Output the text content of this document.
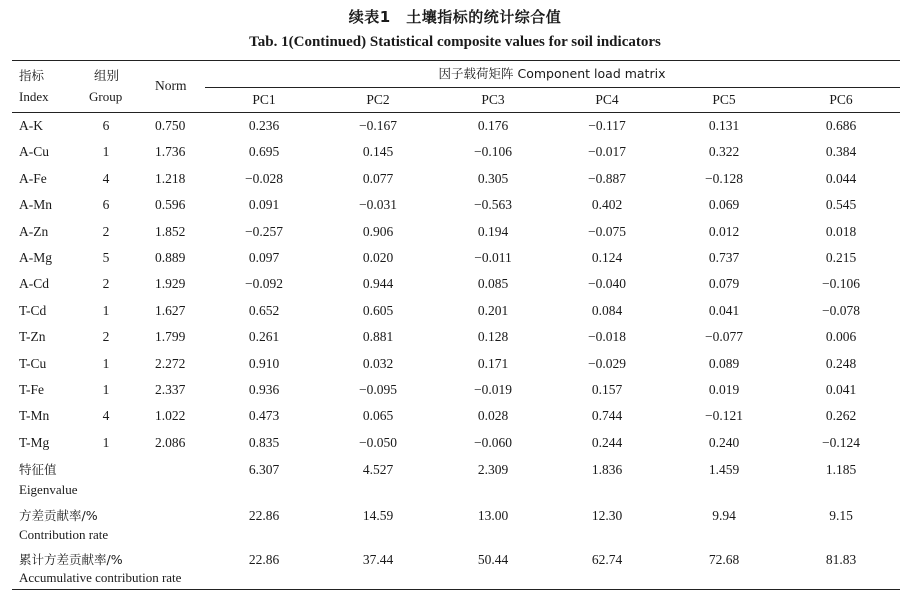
续表1　土壤指标的统计综合值
Tab. 1(Continued) Statistical composite values for soil indicators
指标
Index
组别
Group
Norm
因子载荷矩阵 Component load matrix
PC1	PC2	PC3	PC4	PC5	PC6
A-K	6	0.750	0.236	−0.167	0.176	−0.117	0.131	0.686
A-Cu	1	1.736	0.695	0.145	−0.106	−0.017	0.322	0.384
A-Fe	4	1.218	−0.028	0.077	0.305	−0.887	−0.128	0.044
A-Mn	6	0.596	0.091	−0.031	−0.563	0.402	0.069	0.545
A-Zn	2	1.852	−0.257	0.906	0.194	−0.075	0.012	0.018
A-Mg	5	0.889	0.097	0.020	−0.011	0.124	0.737	0.215
A-Cd	2	1.929	−0.092	0.944	0.085	−0.040	0.079	−0.106
T-Cd	1	1.627	0.652	0.605	0.201	0.084	0.041	−0.078
T-Zn	2	1.799	0.261	0.881	0.128	−0.018	−0.077	0.006
T-Cu	1	2.272	0.910	0.032	0.171	−0.029	0.089	0.248
T-Fe	1	2.337	0.936	−0.095	−0.019	0.157	0.019	0.041
T-Mn	4	1.022	0.473	0.065	0.028	0.744	−0.121	0.262
T-Mg	1	2.086	0.835	−0.050	−0.060	0.244	0.240	−0.124
特征值
Eigenvalue
6.307	4.527	2.309	1.836	1.459	1.185
方差贡献率/%
Contribution rate
22.86	14.59	13.00	12.30	9.94	9.15
累计方差贡献率/%
Accumulative contribution rate
22.86	37.44	50.44	62.74	72.68	81.83
